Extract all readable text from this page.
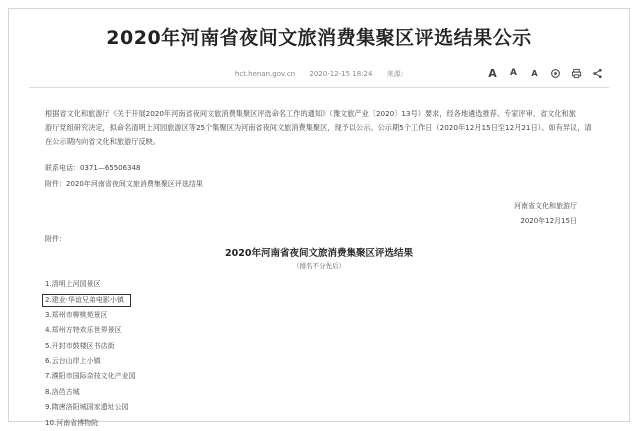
2020年河南省夜间文旅消费集聚区评选结果公示
hct.henan.gov.cn 2020-12-15 18:24 来源:	A	A	A
根据省文化和旅游厅《关于开展2020年河南省夜间文旅消费集聚区评选命名工作的通知》（豫文旅产业〔2020〕13号）要求，经各地遴选推荐、专家评审、省文化和旅
游厅党组研究决定，拟命名清明上河园旅游区等25个集聚区为河南省夜间文旅消费集聚区，现予以公示。公示期5个工作日（2020年12月15日至12月21日）。如有异议，请
在公示期内向省文化和旅游厅反映。
联系电话：0371—65506348
附件：2020年河南省夜间文旅消费集聚区评选结果
河南省文化和旅游厅
2020年12月15日
附件：
2020年河南省夜间文旅消费集聚区评选结果
（排名不分先后）
1.清明上河园景区
2.建业·华谊兄弟电影小镇
3.郑州市柳桃苑景区
4.郑州方特欢乐世界景区
5.开封市鼓楼区书店街
6.云台山岸上小镇
7.濮阳市国际杂技文化产业园
8.洛邑古城
9.隋唐洛阳城国家遗址公园
10.河南省博物院
